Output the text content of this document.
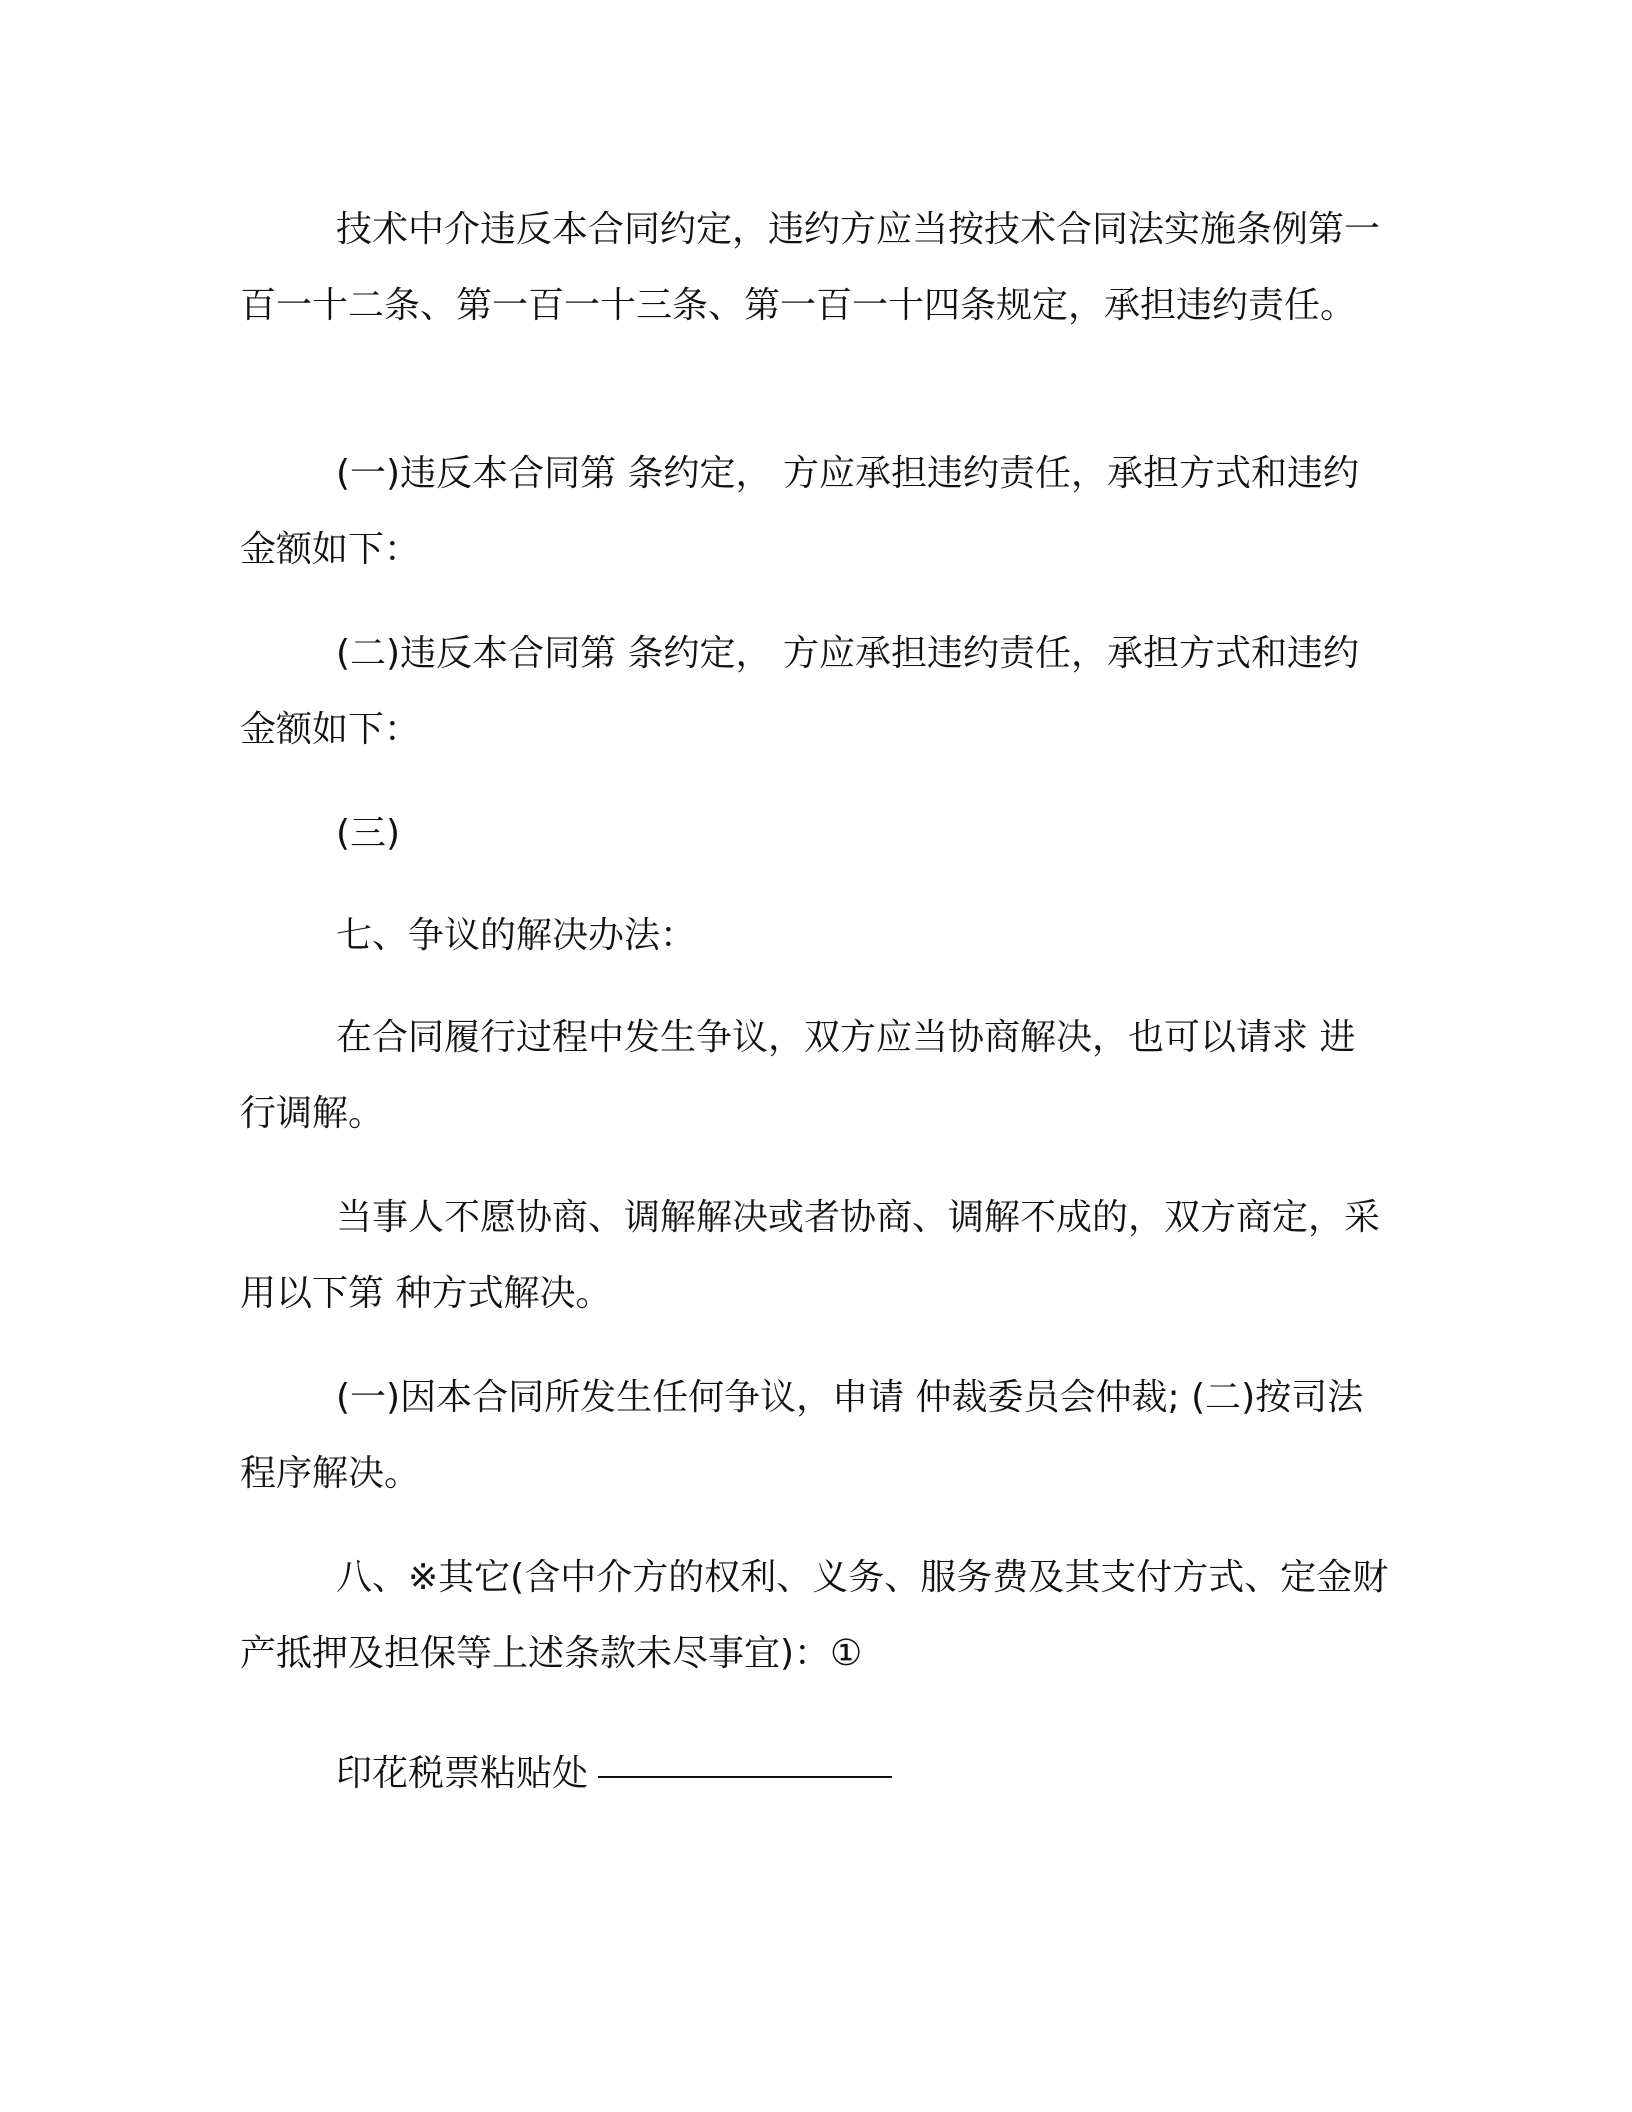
技术中介违反本合同约定，违约方应当按技术合同法实施条例第一百一十二条、第一百一十三条、第一百一十四条规定，承担违约责任。

(一)违反本合同第 条约定， 方应承担违约责任，承担方式和违约金额如下：

(二)违反本合同第 条约定， 方应承担违约责任，承担方式和违约金额如下：

(三)

七、争议的解决办法：

在合同履行过程中发生争议，双方应当协商解决，也可以请求 进行调解。

当事人不愿协商、调解解决或者协商、调解不成的，双方商定，采用以下第 种方式解决。

(一)因本合同所发生任何争议，申请 仲裁委员会仲裁; (二)按司法程序解决。

八、※其它(含中介方的权利、义务、服务费及其支付方式、定金财产抵押及担保等上述条款未尽事宜)：①

印花税票粘贴处
